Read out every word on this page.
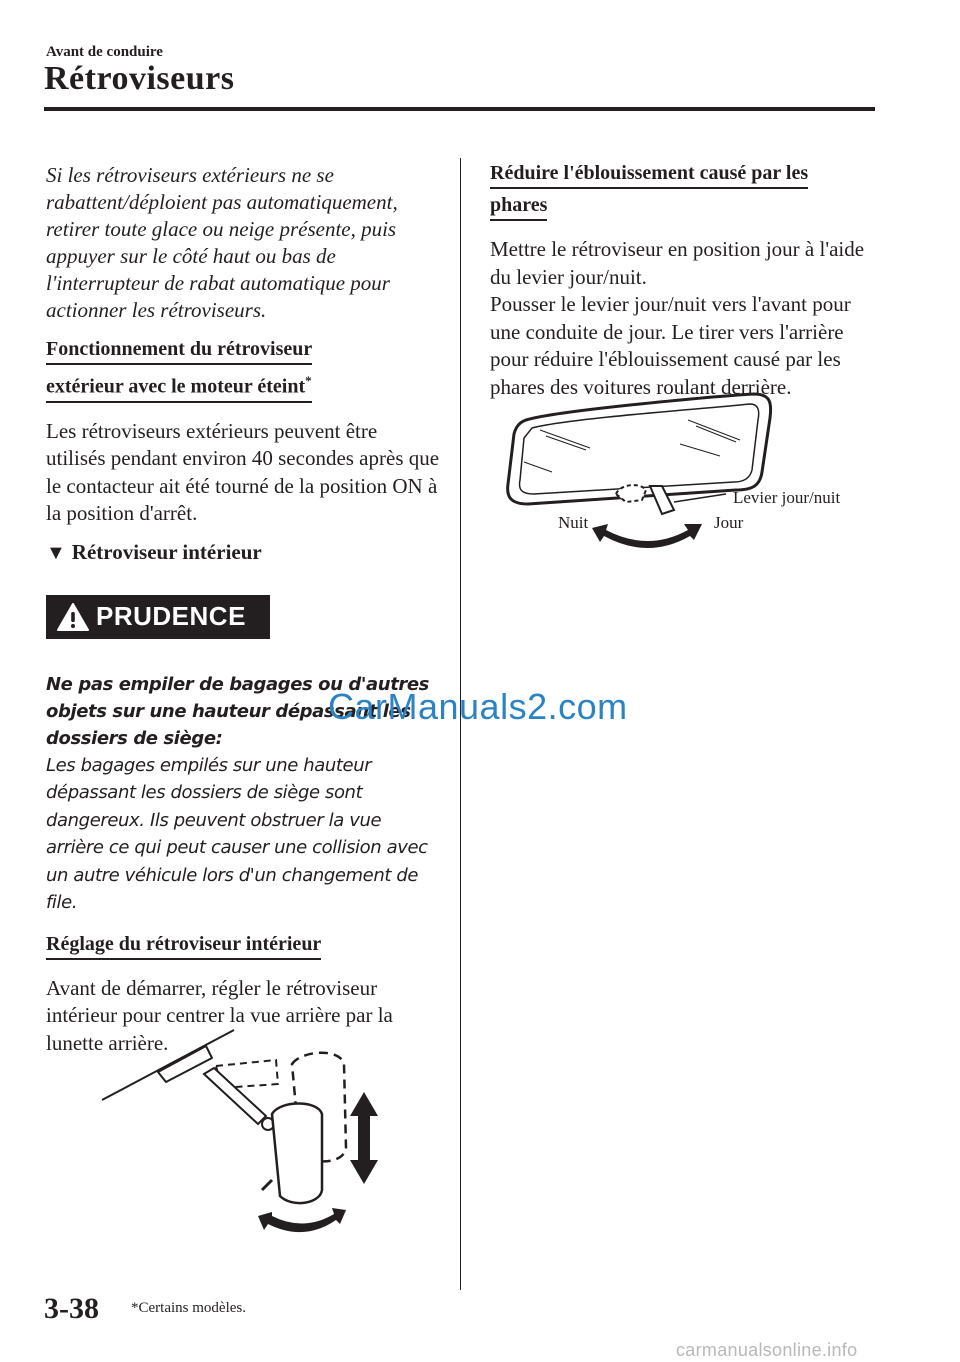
Avant de conduire
Rétroviseurs

Si les rétroviseurs extérieurs ne se rabattent/déploient pas automatiquement, retirer toute glace ou neige présente, puis appuyer sur le côté haut ou bas de l'interrupteur de rabat automatique pour actionner les rétroviseurs.

Fonctionnement du rétroviseur
extérieur avec le moteur éteint*

Les rétroviseurs extérieurs peuvent être utilisés pendant environ 40 secondes après que le contacteur ait été tourné de la position ON à la position d'arrêt.

▼ Rétroviseur intérieur
PRUDENCE

Ne pas empiler de bagages ou d'autres objets sur une hauteur dépassant les dossiers de siège:

Les bagages empilés sur une hauteur dépassant les dossiers de siège sont dangereux. Ils peuvent obstruer la vue arrière ce qui peut causer une collision avec un autre véhicule lors d'un changement de file.

Réglage du rétroviseur intérieur

Avant de démarrer, régler le rétroviseur intérieur pour centrer la vue arrière par la lunette arrière.

Réduire l'éblouissement causé par les
phares

Mettre le rétroviseur en position jour à l'aide du levier jour/nuit.

Pousser le levier jour/nuit vers l'avant pour une conduite de jour. Le tirer vers l'arrière pour réduire l'éblouissement causé par les phares des voitures roulant derrière.

Levier jour/nuit
Nuit	Jour
CarManuals2.com
3-38 *Certains modèles.
carmanualsonline.info
